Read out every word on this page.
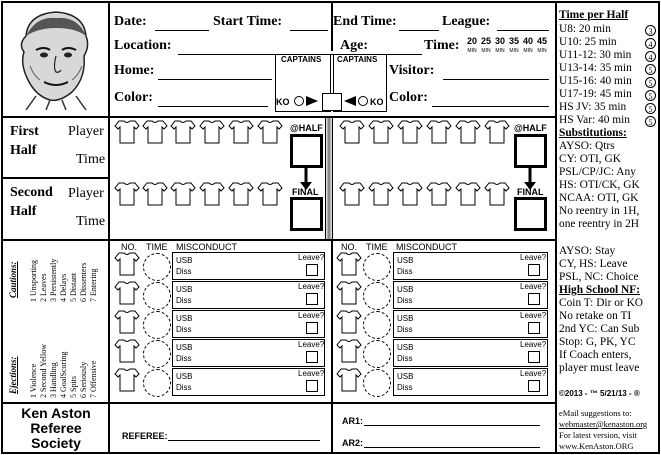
Date:	Start Time:	End Time:	League:
Location:	Age:	Time: 20
MIN
25
MIN
30
MIN
35
MIN
40
MIN
45
MIN
Home:	Visitor:
Color:	Color:
CAPTAINS
KO
CAPTAINS
KO
First
Half
Player
Time
Second
Half
Player
Time
@HALF	@HALF
FINAL	FINAL
Cautions: 1 Unsporting 2 Leaves 3 Persistently 4 Delays 5 Distant 6 Dissenters 7 Entering
Ejections: 1 Violence 2 Second Yellow 3 Handling 4 GoalScoring 5 Spits 6 Seriously 7 Offensive
NO. TIME MISCONDUCT	NO. TIME MISCONDUCT
USB
Diss
Leave?
USB
Diss
Leave?
USB
Diss
Leave?
USB
Diss
Leave?
USB
Diss
Leave?
USB
Diss
Leave?
USB
Diss
Leave?
USB
Diss
Leave?
USB
Diss
Leave?
USB
Diss
Leave?
Ken Aston
Referee
Society	REFEREE:
AR1:
AR2:
Time per Half
U8: 20 min	3
U10: 25 min	4
U11-12: 30 min	4
U13-14: 35 min	5
U15-16: 40 min	5
U17-19: 45 min	5
HS JV: 35 min	5
HS Var: 40 min	5
Substitutions:
AYSO: Qtrs
CY: OTI, GK
PSL/CP/JC: Any
HS: OTI/CK, GK
NCAA: OTI, GK
No reentry in 1H,
one reentry in 2H
AYSO: Stay
CY, HS: Leave
PSL, NC: Choice
High School NF:
Coin T: Dir or KO
No retake on TI
2nd YC: Can Sub
Stop: G, PK, YC
If Coach enters,
player must leave
©2013 - ™ 5/21/13 - ®
eMail suggestions to:
webmaster@kenaston.org
For latest version, visit
www.KenAston.ORG
